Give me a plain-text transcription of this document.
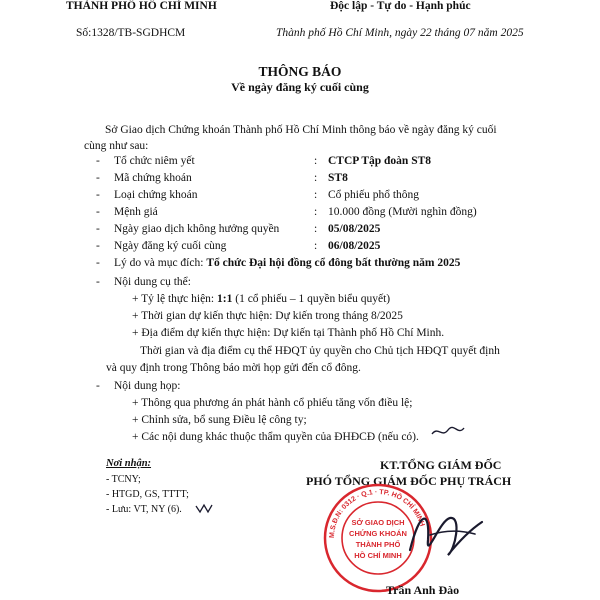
THÀNH PHỐ HỒ CHÍ MINH	Độc lập - Tự do - Hạnh phúc
Số:1328/TB-SGDHCM	Thành phố Hồ Chí Minh, ngày 22 tháng 07 năm 2025
THÔNG BÁO
Về ngày đăng ký cuối cùng
Sở Giao dịch Chứng khoán Thành phố Hồ Chí Minh thông báo về ngày đăng ký cuối
cùng như sau:
- Tổ chức niêm yết	: CTCP Tập đoàn ST8
- Mã chứng khoán	: ST8
- Loại chứng khoán	: Cổ phiếu phổ thông
- Mệnh giá	: 10.000 đồng (Mười nghìn đồng)
- Ngày giao dịch không hưởng quyền	: 05/08/2025
- Ngày đăng ký cuối cùng	: 06/08/2025
- Lý do và mục đích: Tổ chức Đại hội đồng cổ đông bất thường năm 2025
- Nội dung cụ thể:
+ Tỷ lệ thực hiện: 1:1 (1 cổ phiếu – 1 quyền biểu quyết)
+ Thời gian dự kiến thực hiện: Dự kiến trong tháng 8/2025
+ Địa điểm dự kiến thực hiện: Dự kiến tại Thành phố Hồ Chí Minh.
Thời gian và địa điểm cụ thể HĐQT ủy quyền cho Chủ tịch HĐQT quyết định
và quy định trong Thông báo mời họp gửi đến cổ đông.
- Nội dung họp:
+ Thông qua phương án phát hành cổ phiếu tăng vốn điều lệ;
+ Chỉnh sửa, bổ sung Điều lệ công ty;
+ Các nội dung khác thuộc thẩm quyền của ĐHĐCĐ (nếu có).
Nơi nhận:
- TCNY;
- HTGD, GS, TTTT;
- Lưu: VT, NY (6).
KT.TỔNG GIÁM ĐỐC
PHÓ TỔNG GIÁM ĐỐC PHỤ TRÁCH
M.S.Đ.N: 0312 · Q.1 · TP. HỒ CHÍ MINH
SỞ GIAO DỊCH
CHỨNG KHOÁN
THÀNH PHỐ
HỒ CHÍ MINH
Trần Anh Đào
